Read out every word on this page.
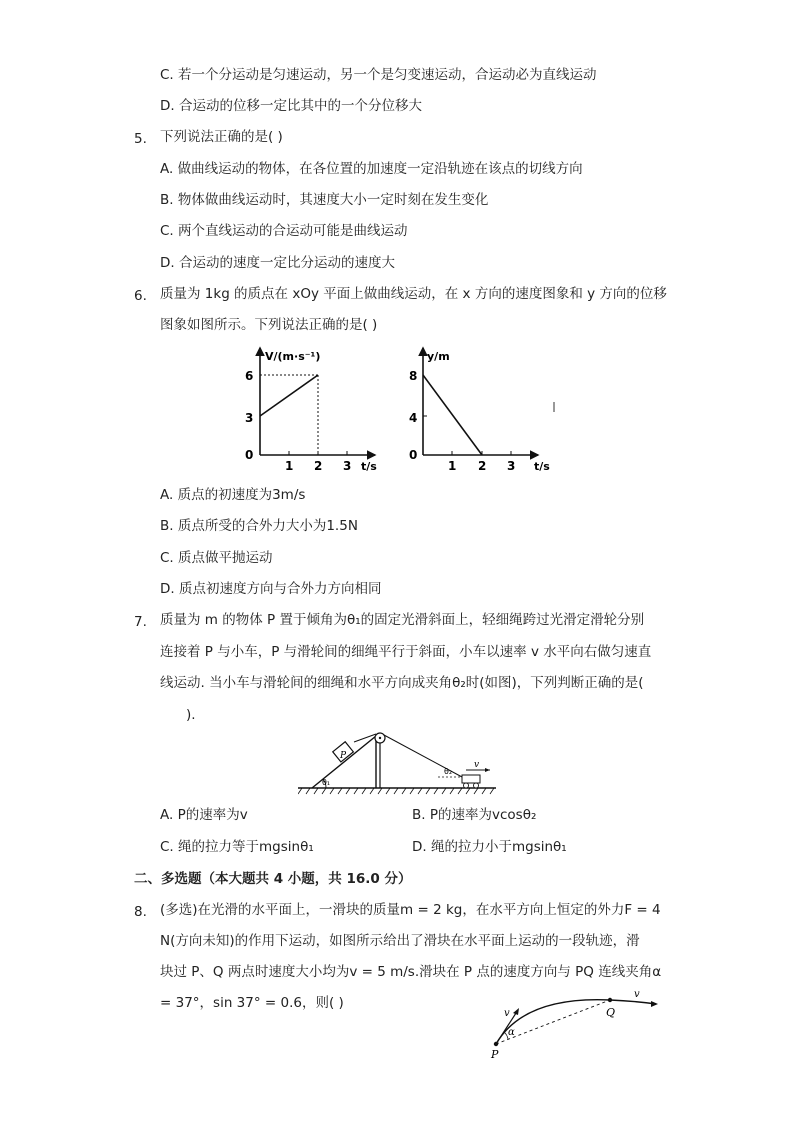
C. 若一个分运动是匀速运动，另一个是匀变速运动，合运动必为直线运动
D. 合运动的位移一定比其中的一个分位移大
5. 下列说法正确的是( )
A. 做曲线运动的物体，在各位置的加速度一定沿轨迹在该点的切线方向
B. 物体做曲线运动时，其速度大小一定时刻在发生变化
C. 两个直线运动的合运动可能是曲线运动
D. 合运动的速度一定比分运动的速度大
6. 质量为 1kg 的质点在 xOy 平面上做曲线运动，在 x 方向的速度图象和 y 方向的位移
图象如图所示。下列说法正确的是( )
V/(m·s⁻¹)
t/s
6
3
0
1 2 3
y/m
t/s
8
4
0
1 2 3
A. 质点的初速度为3m/s
B. 质点所受的合外力大小为1.5N
C. 质点做平抛运动
D. 质点初速度方向与合外力方向相同
7. 质量为 m 的物体 P 置于倾角为θ₁的固定光滑斜面上，轻细绳跨过光滑定滑轮分别
连接着 P 与小车，P 与滑轮间的细绳平行于斜面，小车以速率 v 水平向右做匀速直
线运动. 当小车与滑轮间的细绳和水平方向成夹角θ₂时(如图)，下列判断正确的是(
).
θ₁
P
θ₂
v
A. P的速率为v	B. P的速率为vcosθ₂
C. 绳的拉力等于mgsinθ₁	D. 绳的拉力小于mgsinθ₁
二、多选题（本大题共 4 小题，共 16.0 分）
8. (多选)在光滑的水平面上，一滑块的质量m = 2 kg，在水平方向上恒定的外力F = 4
N(方向未知)的作用下运动，如图所示给出了滑块在水平面上运动的一段轨迹，滑
块过 P、Q 两点时速度大小均为v = 5 m/s.滑块在 P 点的速度方向与 PQ 连线夹角α
= 37°，sin 37° = 0.6，则( )
α
v
v
P
Q
